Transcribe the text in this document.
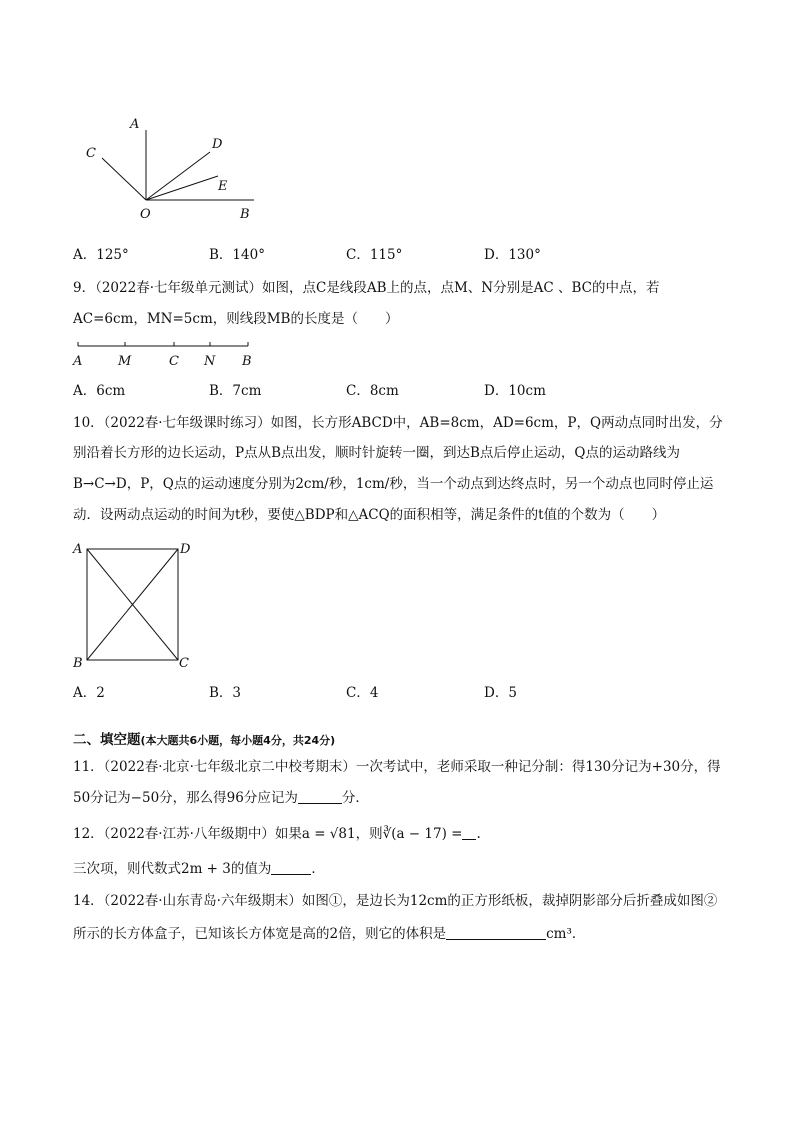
A
C
D
E
O	B
A．125°	B．140°	C．115°	D．130°
9．（2022春·七年级单元测试）如图，点C是线段AB上的点，点M、N分别是AC 、BC的中点，若
AC=6cm，MN=5cm，则线段MB的长度是（　　）
A	M	C N B
A．6cm	B．7cm	C．8cm	D．10cm
10．（2022春·七年级课时练习）如图，长方形ABCD中，AB=8cm，AD=6cm，P，Q两动点同时出发，分
别沿着长方形的边长运动，P点从B点出发，顺时针旋转一圈，到达B点后停止运动，Q点的运动路线为
B→C→D，P，Q点的运动速度分别为2cm/秒，1cm/秒，当一个动点到达终点时，另一个动点也同时停止运
动．设两动点运动的时间为t秒，要使△BDP和△ACQ的面积相等，满足条件的t值的个数为（　　）
A	D
B	C
A．2	B．3	C．4	D．5
二、填空题(本大题共6小题，每小题4分，共24分)
11．（2022春·北京·七年级北京二中校考期末）一次考试中，老师采取一种记分制：得130分记为+30分，得
50分记为−50分，那么得96分应记为	分．
12．（2022春·江苏·八年级期中）如果a = √81，则∛(a − 17) = .
三次项，则代数式2m + 3的值为	．
14．（2022春·山东青岛·六年级期末）如图①，是边长为12cm的正方形纸板，裁掉阴影部分后折叠成如图②
所示的长方体盒子，已知该长方体宽是高的2倍，则它的体积是	cm³．
